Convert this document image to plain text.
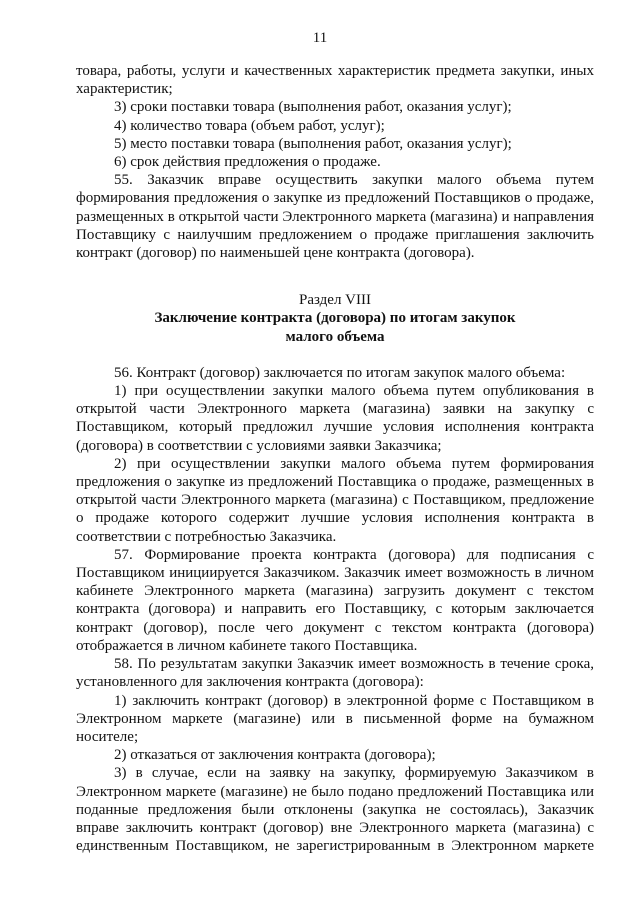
11

товара, работы, услуги и качественных характеристик предмета закупки, иных характеристик;

3) сроки поставки товара (выполнения работ, оказания услуг);

4) количество товара (объем работ, услуг);

5) место поставки товара (выполнения работ, оказания услуг);

6) срок действия предложения о продаже.

55. Заказчик вправе осуществить закупки малого объема путем формирования предложения о закупке из предложений Поставщиков о продаже, размещенных в открытой части Электронного маркета (магазина) и направления Поставщику с наилучшим предложением о продаже приглашения заключить контракт (договор) по наименьшей цене контракта (договора).

Раздел VIII

Заключение контракта (договора) по итогам закупок

малого объема

56. Контракт (договор) заключается по итогам закупок малого объема:

1) при осуществлении закупки малого объема путем опубликования в открытой части Электронного маркета (магазина) заявки на закупку с Поставщиком, который предложил лучшие условия исполнения контракта (договора) в соответствии с условиями заявки Заказчика;

2) при осуществлении закупки малого объема путем формирования предложения о закупке из предложений Поставщика о продаже, размещенных в открытой части Электронного маркета (магазина) с Поставщиком, предложение о продаже которого содержит лучшие условия исполнения контракта в соответствии с потребностью Заказчика.

57. Формирование проекта контракта (договора) для подписания с Поставщиком инициируется Заказчиком. Заказчик имеет возможность в личном кабинете Электронного маркета (магазина) загрузить документ с текстом контракта (договора) и направить его Поставщику, с которым заключается контракт (договор), после чего документ с текстом контракта (договора) отображается в личном кабинете такого Поставщика.

58. По результатам закупки Заказчик имеет возможность в течение срока, установленного для заключения контракта (договора):

1) заключить контракт (договор) в электронной форме с Поставщиком в Электронном маркете (магазине) или в письменной форме на бумажном носителе;

2) отказаться от заключения контракта (договора);

3) в случае, если на заявку на закупку, формируемую Заказчиком в Электронном маркете (магазине) не было подано предложений Поставщика или поданные предложения были отклонены (закупка не состоялась), Заказчик вправе заключить контракт (договор) вне Электронного маркета (магазина) с единственным Поставщиком, не зарегистрированным в Электронном маркете
